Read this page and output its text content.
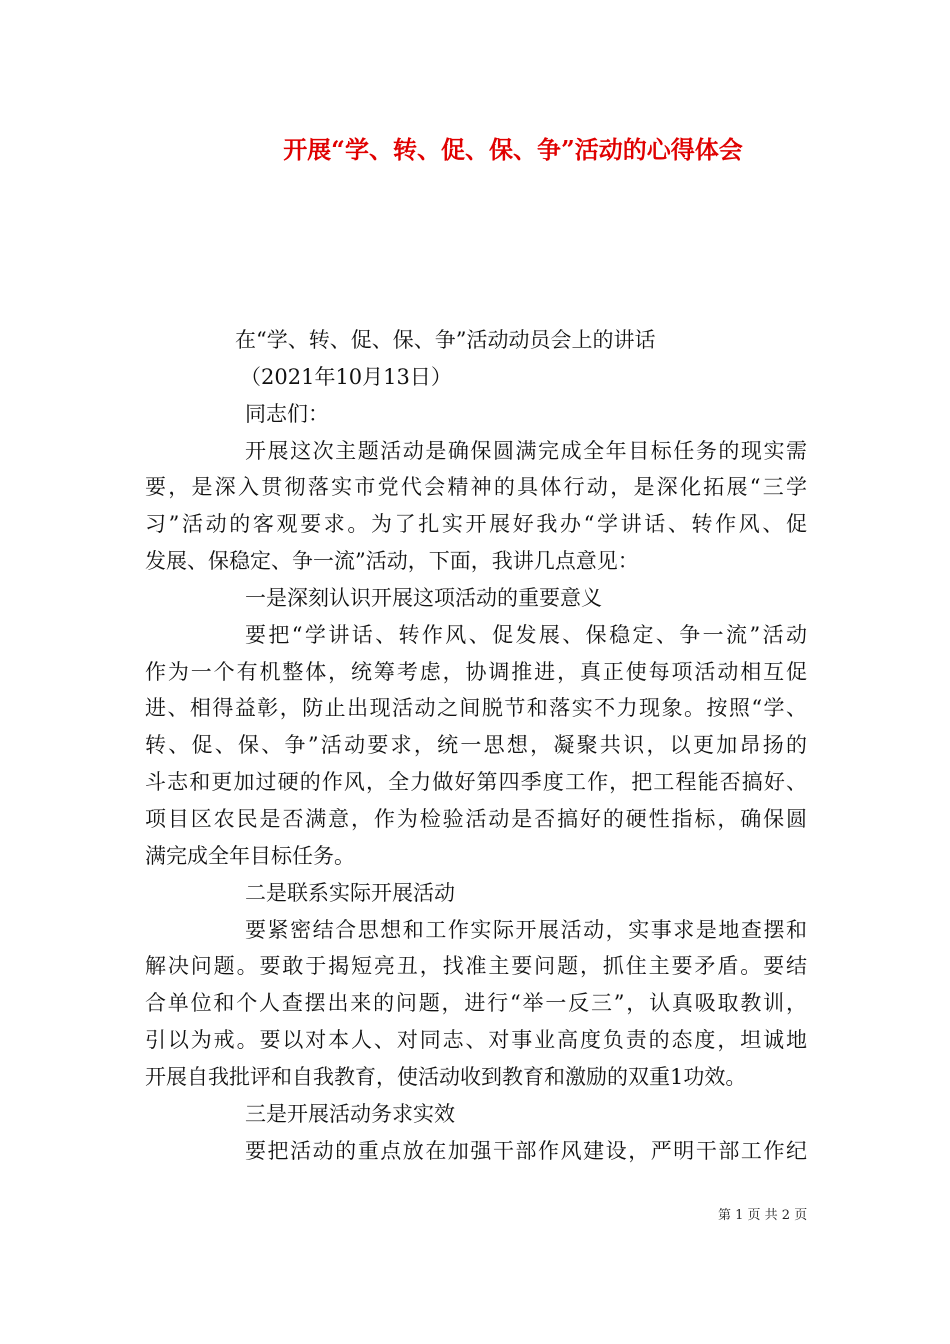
开展“学、转、促、保、争”活动的心得体会
在“学、转、促、保、争”活动动员会上的讲话
（2021年10月13日）
同志们：
开展这次主题活动是确保圆满完成全年目标任务的现实需
要，是深入贯彻落实市党代会精神的具体行动，是深化拓展“三学
习”活动的客观要求。为了扎实开展好我办“学讲话、转作风、促
发展、保稳定、争一流”活动，下面，我讲几点意见：
一是深刻认识开展这项活动的重要意义
要把“学讲话、转作风、促发展、保稳定、争一流”活动
作为一个有机整体，统筹考虑，协调推进，真正使每项活动相互促
进、相得益彰，防止出现活动之间脱节和落实不力现象。按照“学、
转、促、保、争”活动要求，统一思想，凝聚共识，以更加昂扬的
斗志和更加过硬的作风，全力做好第四季度工作，把工程能否搞好、
项目区农民是否满意，作为检验活动是否搞好的硬性指标，确保圆
满完成全年目标任务。
二是联系实际开展活动
要紧密结合思想和工作实际开展活动，实事求是地查摆和
解决问题。要敢于揭短亮丑，找准主要问题，抓住主要矛盾。要结
合单位和个人查摆出来的问题，进行“举一反三”，认真吸取教训，
引以为戒。要以对本人、对同志、对事业高度负责的态度，坦诚地
开展自我批评和自我教育，使活动收到教育和激励的双重1功效。
三是开展活动务求实效
要把活动的重点放在加强干部作风建设，严明干部工作纪
第 1 页 共 2 页
